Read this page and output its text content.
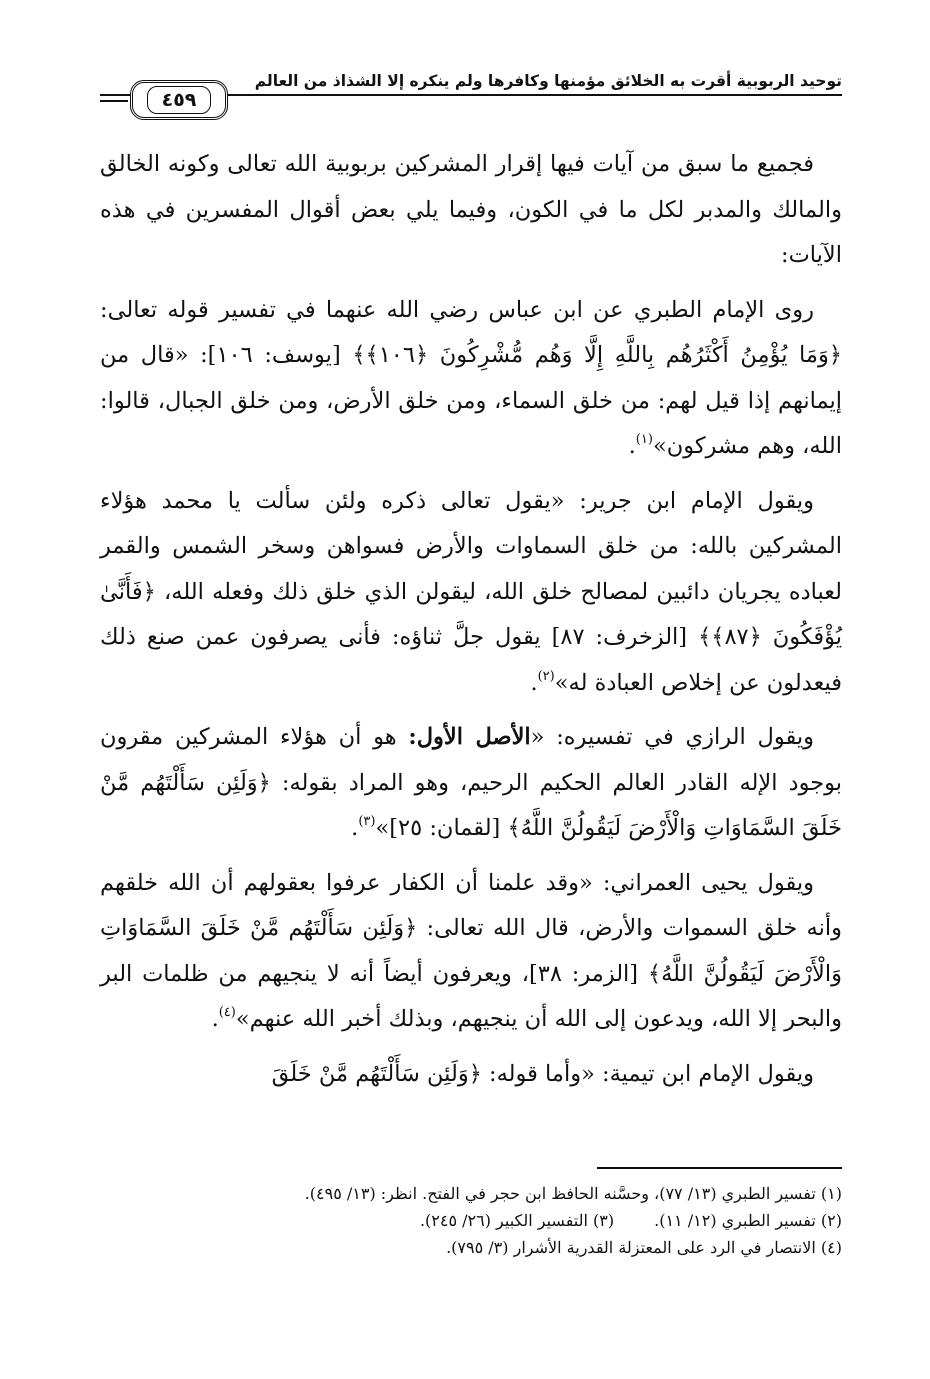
توحيد الربوبية أقرت به الخلائق مؤمنها وكافرها ولم ينكره إلا الشذاذ من العالم
٤٥٩

فجميع ما سبق من آيات فيها إقرار المشركين بربوبية الله تعالى وكونه الخالق والمالك والمدبر لكل ما في الكون، وفيما يلي بعض أقوال المفسرين في هذه الآيات:

روى الإمام الطبري عن ابن عباس رضي الله عنهما في تفسير قوله تعالى: ﴿وَمَا يُؤْمِنُ أَكْثَرُهُم بِاللَّهِ إِلَّا وَهُم مُّشْرِكُونَ ﴿١٠٦﴾﴾ [يوسف: ١٠٦]: «قال من إيمانهم إذا قيل لهم: من خلق السماء، ومن خلق الأرض، ومن خلق الجبال، قالوا: الله، وهم مشركون»$^{(١)}$.

ويقول الإمام ابن جرير: «يقول تعالى ذكره ولئن سألت يا محمد هؤلاء المشركين بالله: من خلق السماوات والأرض فسواهن وسخر الشمس والقمر لعباده يجريان دائبين لمصالح خلق الله، ليقولن الذي خلق ذلك وفعله الله، ﴿فَأَنَّىٰ يُؤْفَكُونَ ﴿٨٧﴾﴾ [الزخرف: ٨٧] يقول جلَّ ثناؤه: فأنى يصرفون عمن صنع ذلك فيعدلون عن إخلاص العبادة له»$^{(٢)}$.

ويقول الرازي في تفسيره: «الأصل الأول: هو أن هؤلاء المشركين مقرون بوجود الإله القادر العالم الحكيم الرحيم، وهو المراد بقوله: ﴿وَلَئِن سَأَلْتَهُم مَّنْ خَلَقَ السَّمَاوَاتِ وَالْأَرْضَ لَيَقُولُنَّ اللَّهُ﴾ [لقمان: ٢٥]»$^{(٣)}$.

ويقول يحيى العمراني: «وقد علمنا أن الكفار عرفوا بعقولهم أن الله خلقهم وأنه خلق السموات والأرض، قال الله تعالى: ﴿وَلَئِن سَأَلْتَهُم مَّنْ خَلَقَ السَّمَاوَاتِ وَالْأَرْضَ لَيَقُولُنَّ اللَّهُ﴾ [الزمر: ٣٨]، ويعرفون أيضاً أنه لا ينجيهم من ظلمات البر والبحر إلا الله، ويدعون إلى الله أن ينجيهم، وبذلك أخبر الله عنهم»$^{(٤)}$.

ويقول الإمام ابن تيمية: «وأما قوله: ﴿وَلَئِن سَأَلْتَهُم مَّنْ خَلَقَ

(١) تفسير الطبري (١٣/ ٧٧)، وحسَّنه الحافظ ابن حجر في الفتح. انظر: (١٣/ ٤٩٥).
(٢) تفسير الطبري (١٢/ ١١).(٣) التفسير الكبير (٢٦/ ٢٤٥).
(٤) الانتصار في الرد على المعتزلة القدرية الأشرار (٣/ ٧٩٥).
